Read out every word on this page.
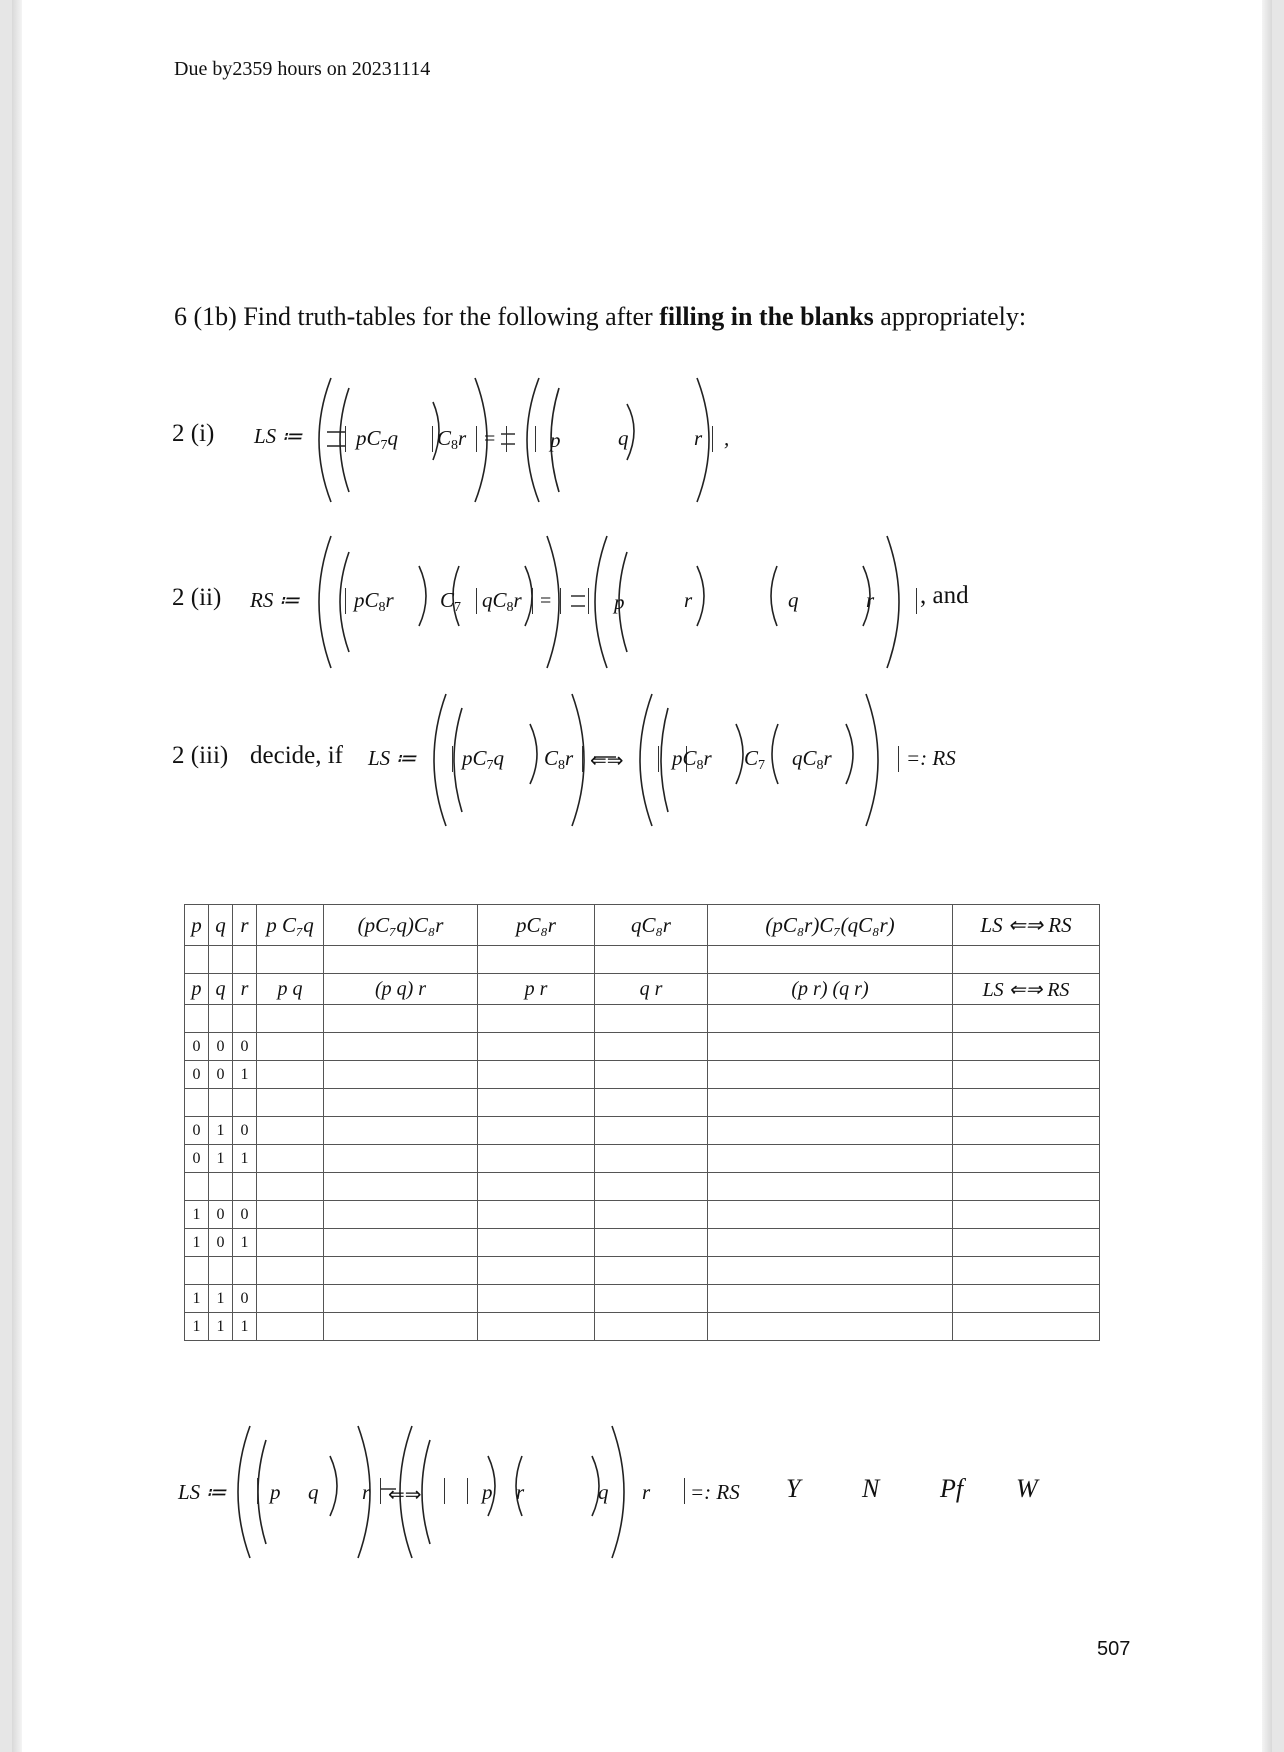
Due by2359 hours on 20231114
6 (1b) Find truth-tables for the following after filling in the blanks appropriately:
2 (i) LS ≔	$pC_7q$ $C_8r$ =	p	q	r ,
2 (ii) RS ≔	$pC_8r$ $C_7$ $qC_8r$ =	p	r	q	r , and
2 (iii) decide, if LS ≔ $pC_7q$ $C_8r$ ⇐⇒ $pC_8r$ $C_7$ $qC_8r$	=: RS
p	q	r	p C₇q	(pC₇q)C₈r	pC₈r	qC₈r	(pC₈r)C₇(qC₈r)	LS ⇐⇒ RS

p	q	r	p q	(p q) r	p r	q r	(p r) (q r)	LS ⇐⇒ RS

0	0	0						
0	0	1						

0	1	0						
0	1	1						

1	0	0						
1	0	1						

1	1	0						
1	1	1						
LS ≔ p q r ⇐⇒	p r	q r =: RS Y N Pf W
507
